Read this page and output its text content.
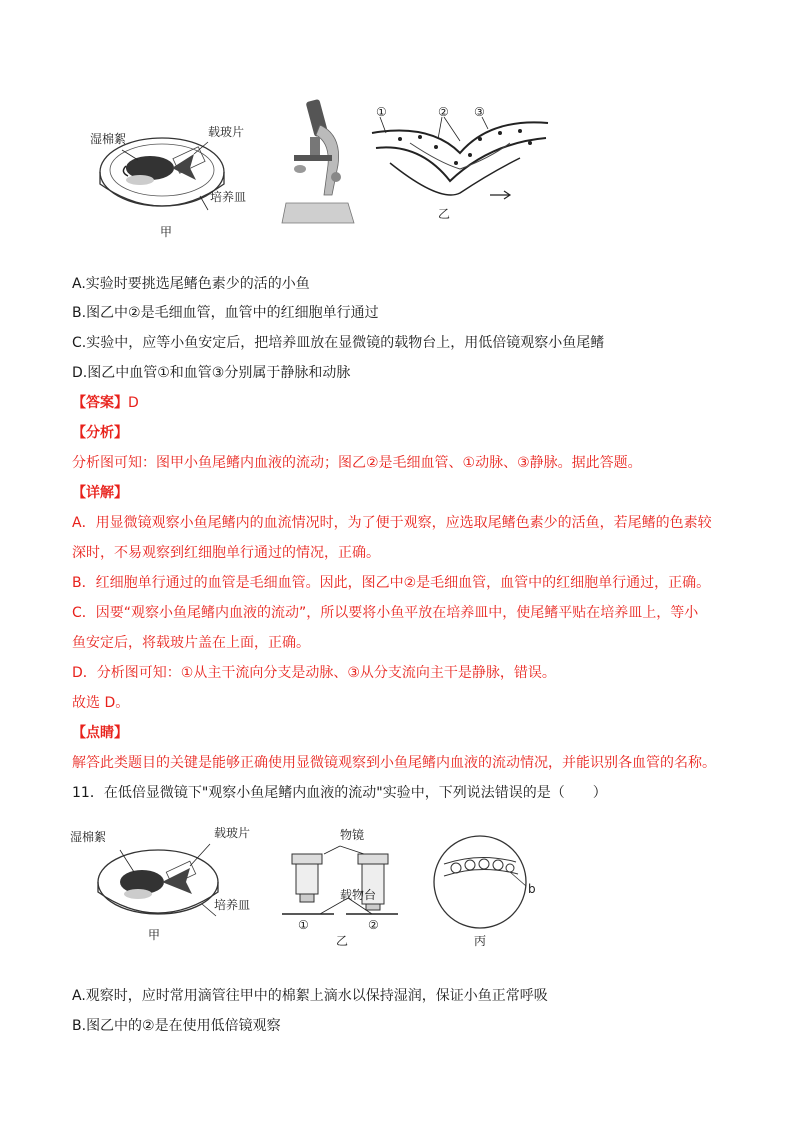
湿棉絮	载玻片
培养皿
甲
①	② ③
乙
A.实验时要挑选尾鳍色素少的活的小鱼
B.图乙中②是毛细血管，血管中的红细胞单行通过
C.实验中，应等小鱼安定后，把培养皿放在显微镜的载物台上，用低倍镜观察小鱼尾鳍
D.图乙中血管①和血管③分别属于静脉和动脉
【答案】D
【分析】
分析图可知：图甲小鱼尾鳍内血液的流动；图乙②是毛细血管、①动脉、③静脉。据此答题。
【详解】
A．用显微镜观察小鱼尾鳍内的血流情况时，为了便于观察，应选取尾鳍色素少的活鱼，若尾鳍的色素较
深时，不易观察到红细胞单行通过的情况，正确。
B．红细胞单行通过的血管是毛细血管。因此，图乙中②是毛细血管，血管中的红细胞单行通过，正确。
C．因要“观察小鱼尾鳍内血液的流动”，所以要将小鱼平放在培养皿中，使尾鳍平贴在培养皿上，等小
鱼安定后，将载玻片盖在上面，正确。
D．分析图可知：①从主干流向分支是动脉、③从分支流向主干是静脉，错误。
故选 D。
【点睛】
解答此类题目的关键是能够正确使用显微镜观察到小鱼尾鳍内血液的流动情况，并能识别各血管的名称。
11．在低倍显微镜下"观察小鱼尾鳍内血液的流动"实验中，下列说法错误的是（　　）
湿棉絮	载玻片
培养皿
甲
物镜
载物台
①	②
乙
b
丙
A.观察时，应时常用滴管往甲中的棉絮上滴水以保持湿润，保证小鱼正常呼吸
B.图乙中的②是在使用低倍镜观察
